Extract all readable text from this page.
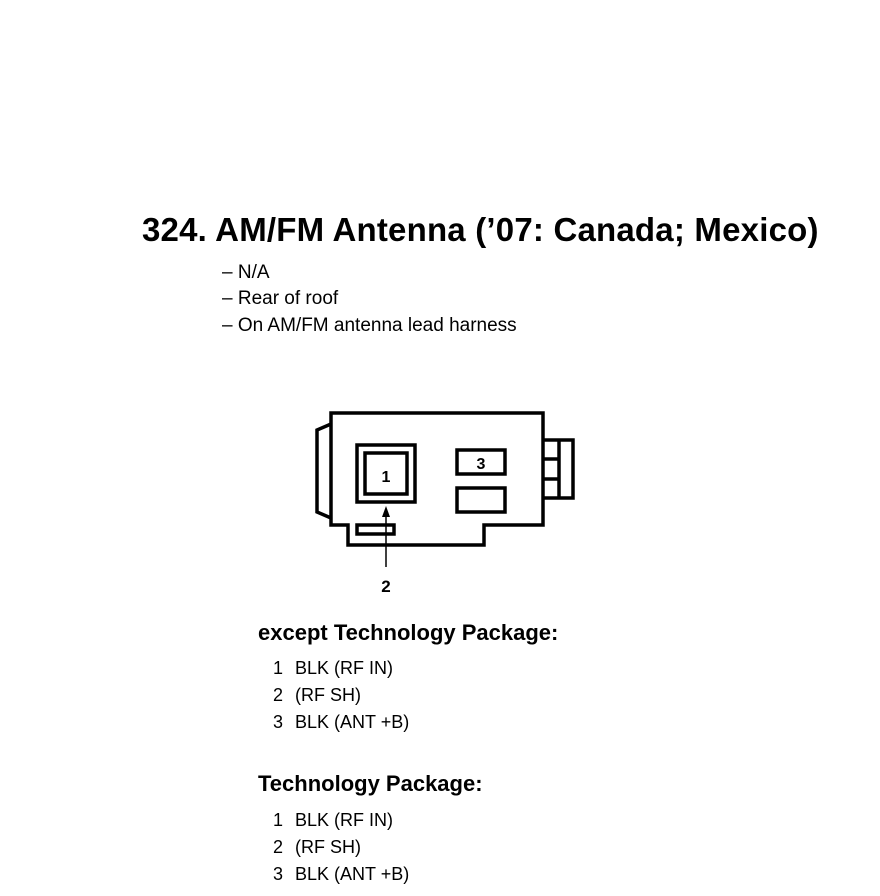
324. AM/FM Antenna (’07: Canada; Mexico)
– N/A
– Rear of roof
– On AM/FM antenna lead harness
1
3
2
except Technology Package:
1 BLK (RF IN)
2 (RF SH)
3 BLK (ANT +B)
Technology Package:
1 BLK (RF IN)
2 (RF SH)
3 BLK (ANT +B)
